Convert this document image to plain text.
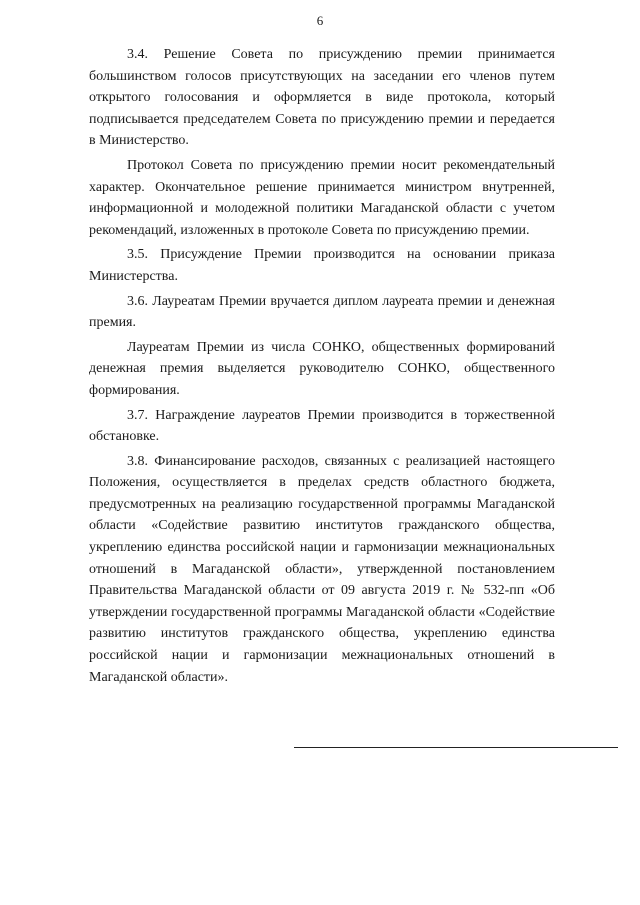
6

3.4. Решение Совета по присуждению премии принимается большинством голосов присутствующих на заседании его членов путем открытого голосования и оформляется в виде протокола, который подписывается председателем Совета по присуждению премии и передается в Министерство.

Протокол Совета по присуждению премии носит рекомендательный характер. Окончательное решение принимается министром внутренней, информационной и молодежной политики Магаданской области с учетом рекомендаций, изложенных в протоколе Совета по присуждению премии.

3.5. Присуждение Премии производится на основании приказа Министерства.

3.6. Лауреатам Премии вручается диплом лауреата премии и денежная премия.

Лауреатам Премии из числа СОНКО, общественных формирований денежная премия выделяется руководителю СОНКО, общественного формирования.

3.7. Награждение лауреатов Премии производится в торжественной обстановке.

3.8. Финансирование расходов, связанных с реализацией настоящего Положения, осуществляется в пределах средств областного бюджета, предусмотренных на реализацию государственной программы Магаданской области «Содействие развитию институтов гражданского общества, укреплению единства российской нации и гармонизации межнациональных отношений в Магаданской области», утвержденной постановлением Правительства Магаданской области от 09 августа 2019 г. № 532-пп «Об утверждении государственной программы Магаданской области «Содействие развитию институтов гражданского общества, укреплению единства российской нации и гармонизации межнациональных отношений в Магаданской области».
